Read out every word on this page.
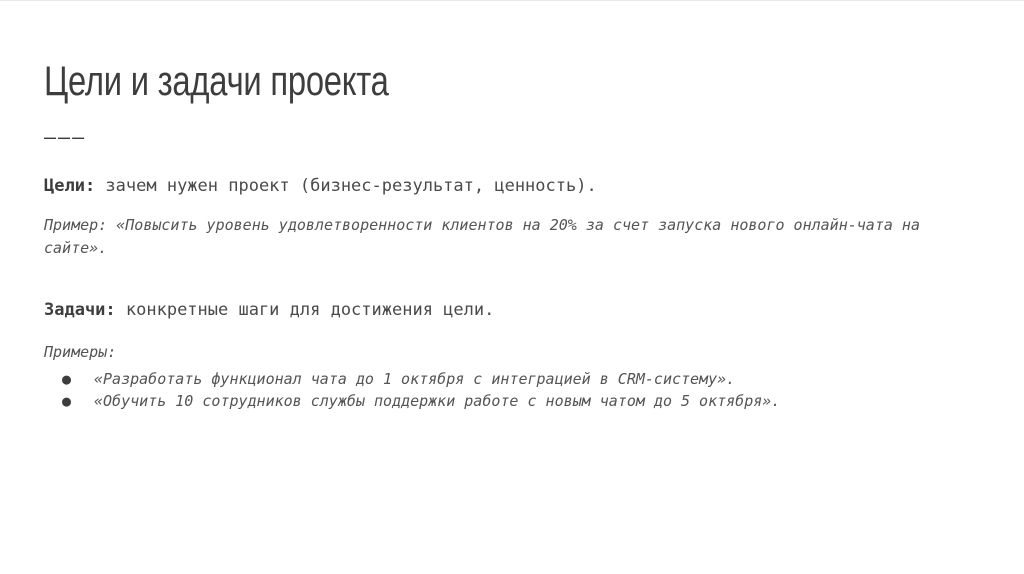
Цели и задачи проекта
———
Цели: зачем нужен проект (бизнес-результат, ценность).
Пример: «Повысить уровень удовлетворенности клиентов на 20% за счет запуска нового онлайн-чата на сайте».
Задачи: конкретные шаги для достижения цели.
Примеры:
● «Разработать функционал чата до 1 октября с интеграцией в CRM-систему».
● «Обучить 10 сотрудников службы поддержки работе с новым чатом до 5 октября».
